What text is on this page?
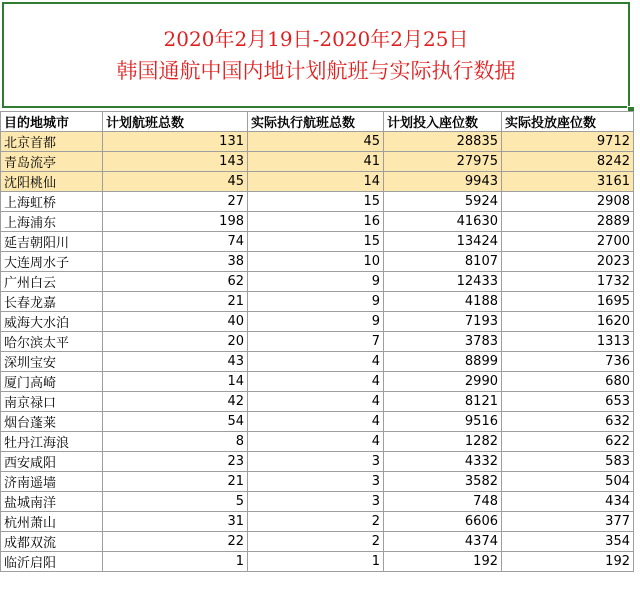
2020年2月19日-2020年2月25日
韩国通航中国内地计划航班与实际执行数据
目的地城市	计划航班总数	实际执行航班总数	计划投入座位数	实际投放座位数
北京首都	131	45	28835	9712
青岛流亭	143	41	27975	8242
沈阳桃仙	45	14	9943	3161
上海虹桥	27	15	5924	2908
上海浦东	198	16	41630	2889
延吉朝阳川	74	15	13424	2700
大连周水子	38	10	8107	2023
广州白云	62	9	12433	1732
长春龙嘉	21	9	4188	1695
威海大水泊	40	9	7193	1620
哈尔滨太平	20	7	3783	1313
深圳宝安	43	4	8899	736
厦门高崎	14	4	2990	680
南京禄口	42	4	8121	653
烟台蓬莱	54	4	9516	632
牡丹江海浪	8	4	1282	622
西安咸阳	23	3	4332	583
济南遥墙	21	3	3582	504
盐城南洋	5	3	748	434
杭州萧山	31	2	6606	377
成都双流	22	2	4374	354
临沂启阳	1	1	192	192
